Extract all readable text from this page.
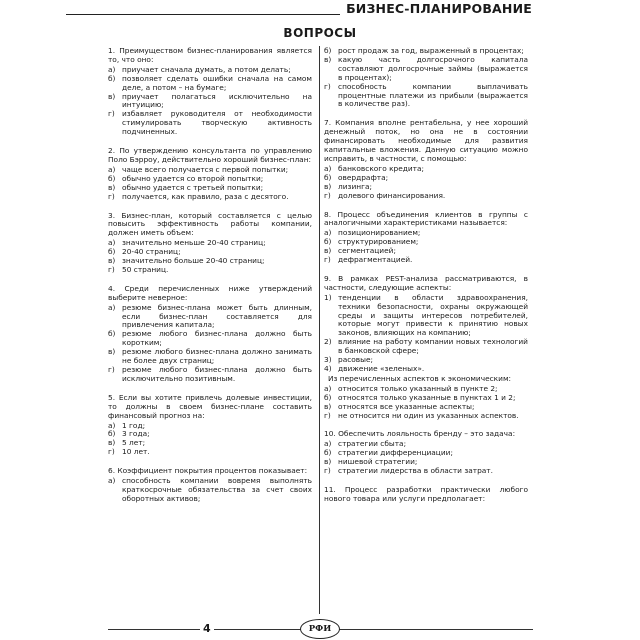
БИЗНЕС-ПЛАНИРОВАНИЕ
ВОПРОСЫ

1. Преимуществом бизнес-планирования является то, что оно:

а) приучает сначала думать, а потом делать;
б) позволяет сделать ошибки сначала на самом деле, а потом – на бумаге;
в) приучает полагаться исключительно на интуицию;
г) избавляет руководителя от необходимости стимулировать творческую активность подчиненных.

2. По утверждению консультанта по управлению Поло Бэрроу, действительно хороший бизнес-план:

а) чаще всего получается с первой попытки;
б) обычно удается со второй попытки;
в) обычно удается с третьей попытки;
г) получается, как правило, раза с десятого.

3. Бизнес-план, который составляется с целью повысить эффективность работы компании, должен иметь объем:

а) значительно меньше 20-40 страниц;
б) 20-40 страниц;
в) значительно больше 20-40 страниц;
г) 50 страниц.

4. Среди перечисленных ниже утверждений выберите неверное:

а) резюме бизнес-плана может быть длинным, если бизнес-план составляется для привлечения капитала;
б) резюме любого бизнес-плана должно быть коротким;
в) резюме любого бизнес-плана должно занимать не более двух страниц;
г) резюме любого бизнес-плана должно быть исключительно позитивным.

5. Если вы хотите привлечь долевые инвестиции, то должны в своем бизнес-плане составить финансовый прогноз на:

а) 1 год;
б) 3 года;
в) 5 лет;
г) 10 лет.

6. Коэффициент покрытия процентов показывает:

а) способность компании вовремя выполнять краткосрочные обязательства за счет своих оборотных активов;
б) рост продаж за год, выраженный в процентах;
в) какую часть долгосрочного капитала составляют долгосрочные займы (выражается в процентах);
г) способность компании выплачивать процентные платежи из прибыли (выражается в количестве раз).

7. Компания вполне рентабельна, у нее хороший денежный поток, но она не в состоянии финансировать необходимые для развития капитальные вложения. Данную ситуацию можно исправить, в частности, с помощью:

а) банковского кредита;
б) овердрафта;
в) лизинга;
г) долевого финансирования.

8. Процесс объединения клиентов в группы с аналогичными характеристиками называется:

а) позиционированием;
б) структурированием;
в) сегментацией;
г) дефрагментацией.

9. В рамках PEST-анализа рассматриваются, в частности, следующие аспекты:

1) тенденции в области здравоохранения, техники безопасности, охраны окружающей среды и защиты интересов потребителей, которые могут привести к принятию новых законов, влияющих на компанию;
2) влияние на работу компании новых технологий в банковской сфере;
3) расовые;
4) движение «зеленых».

Из перечисленных аспектов к экономическим:

а) относится только указанный в пункте 2;
б) относятся только указанные в пунктах 1 и 2;
в) относятся все указанные аспекты;
г) не относится ни один из указанных аспектов.

10. Обеспечить лояльность бренду – это задача:

а) стратегии сбыта;
б) стратегии дифференциации;
в) нишевой стратегии;
г) стратегии лидерства в области затрат.

11. Процесс разработки практически любого нового товара или услуги предполагает:

4	РФИ
